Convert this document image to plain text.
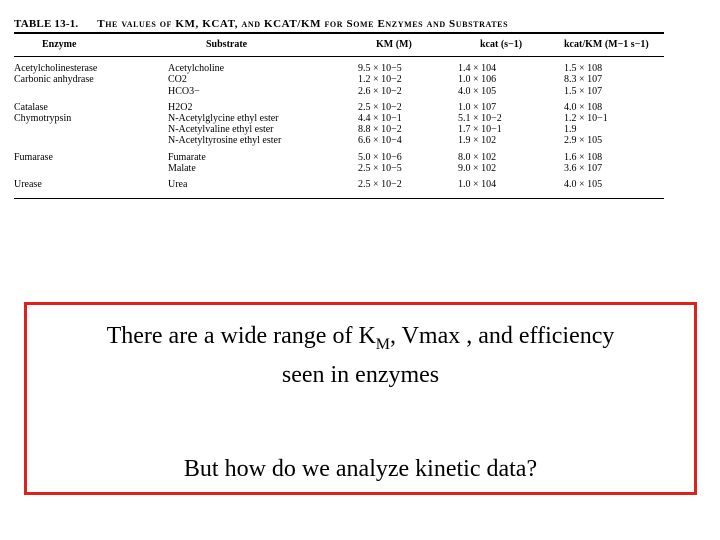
TABLE 13-1. The values of KM, KCAT, and KCAT/KM for Some Enzymes and Substrates
Enzyme	Substrate	KM (M)	kcat (s−1)	kcat/KM (M−1 s−1)

Acetylcholinesterase	Acetylcholine	9.5 × 10−5	1.4 × 104	1.5 × 108
Carbonic anhydrase	CO2	1.2 × 10−2	1.0 × 106	8.3 × 107
	HCO3−	2.6 × 10−2	4.0 × 105	1.5 × 107
Catalase	H2O2	2.5 × 10−2	1.0 × 107	4.0 × 108
Chymotrypsin	N-Acetylglycine ethyl ester	4.4 × 10−1	5.1 × 10−2	1.2 × 10−1
	N-Acetylvaline ethyl ester	8.8 × 10−2	1.7 × 10−1	1.9
	N-Acetyltyrosine ethyl ester	6.6 × 10−4	1.9 × 102	2.9 × 105
Fumarase	Fumarate	5.0 × 10−6	8.0 × 102	1.6 × 108
	Malate	2.5 × 10−5	9.0 × 102	3.6 × 107
Urease	Urea	2.5 × 10−2	1.0 × 104	4.0 × 105
There are a wide range of $K_M$, Vmax , and efficiency
seen in enzymes
But how do we analyze kinetic data?
